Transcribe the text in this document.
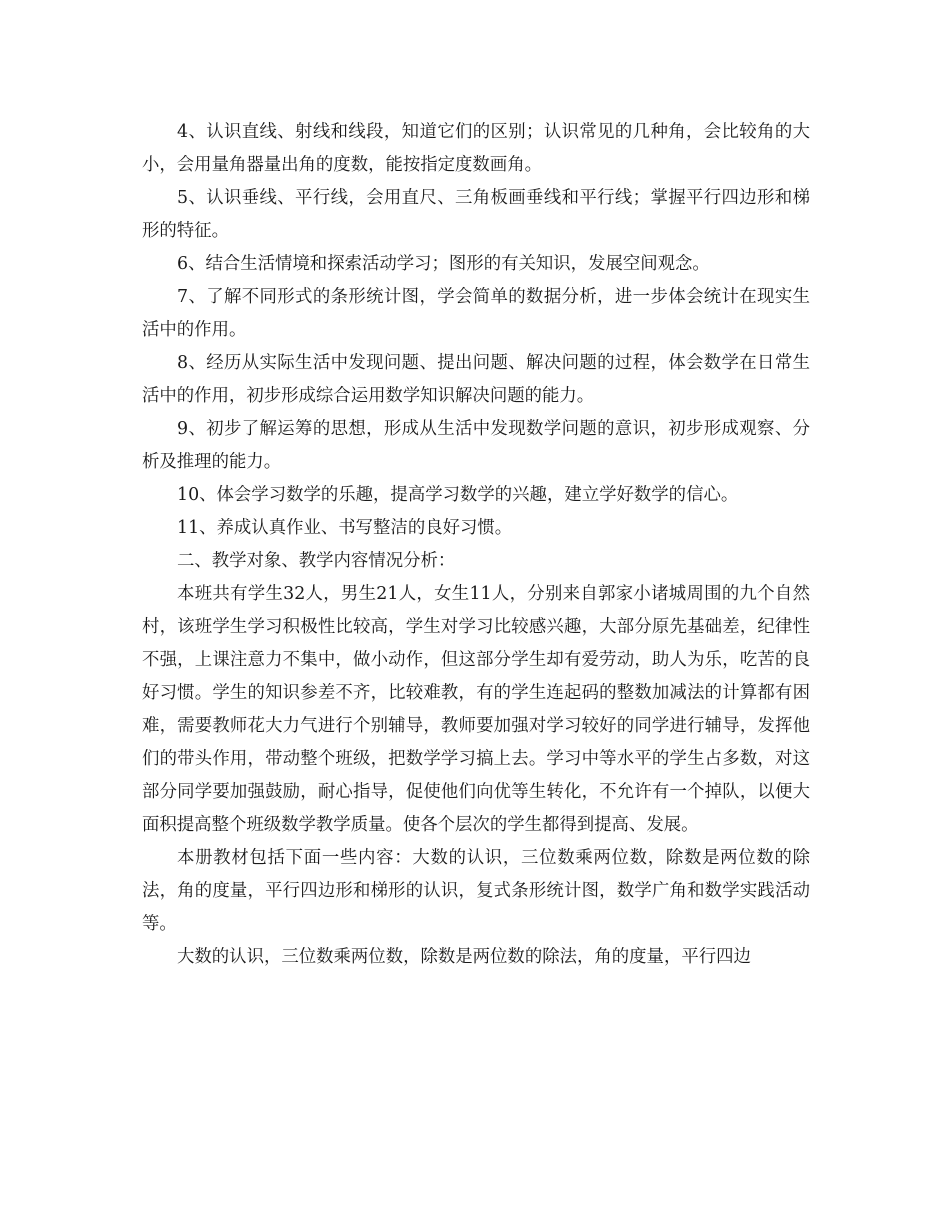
4、认识直线、射线和线段，知道它们的区别；认识常见的几种角，会比较角的大小，会用量角器量出角的度数，能按指定度数画角。

5、认识垂线、平行线，会用直尺、三角板画垂线和平行线；掌握平行四边形和梯形的特征。

6、结合生活情境和探索活动学习；图形的有关知识，发展空间观念。

7、了解不同形式的条形统计图，学会简单的数据分析，进一步体会统计在现实生活中的作用。

8、经历从实际生活中发现问题、提出问题、解决问题的过程，体会数学在日常生活中的作用，初步形成综合运用数学知识解决问题的能力。

9、初步了解运筹的思想，形成从生活中发现数学问题的意识，初步形成观察、分析及推理的能力。

10、体会学习数学的乐趣，提高学习数学的兴趣，建立学好数学的信心。

11、养成认真作业、书写整洁的良好习惯。

二、教学对象、教学内容情况分析：

本班共有学生32人，男生21人，女生11人，分别来自郭家小诸城周围的九个自然村，该班学生学习积极性比较高，学生对学习比较感兴趣，大部分原先基础差，纪律性不强，上课注意力不集中，做小动作，但这部分学生却有爱劳动，助人为乐，吃苦的良好习惯。学生的知识参差不齐，比较难教，有的学生连起码的整数加减法的计算都有困难，需要教师花大力气进行个别辅导，教师要加强对学习较好的同学进行辅导，发挥他们的带头作用，带动整个班级，把数学学习搞上去。学习中等水平的学生占多数，对这部分同学要加强鼓励，耐心指导，促使他们向优等生转化，不允许有一个掉队，以便大面积提高整个班级数学教学质量。使各个层次的学生都得到提高、发展。

本册教材包括下面一些内容：大数的认识，三位数乘两位数，除数是两位数的除法，角的度量，平行四边形和梯形的认识，复式条形统计图，数学广角和数学实践活动等。

大数的认识，三位数乘两位数，除数是两位数的除法，角的度量，平行四边
